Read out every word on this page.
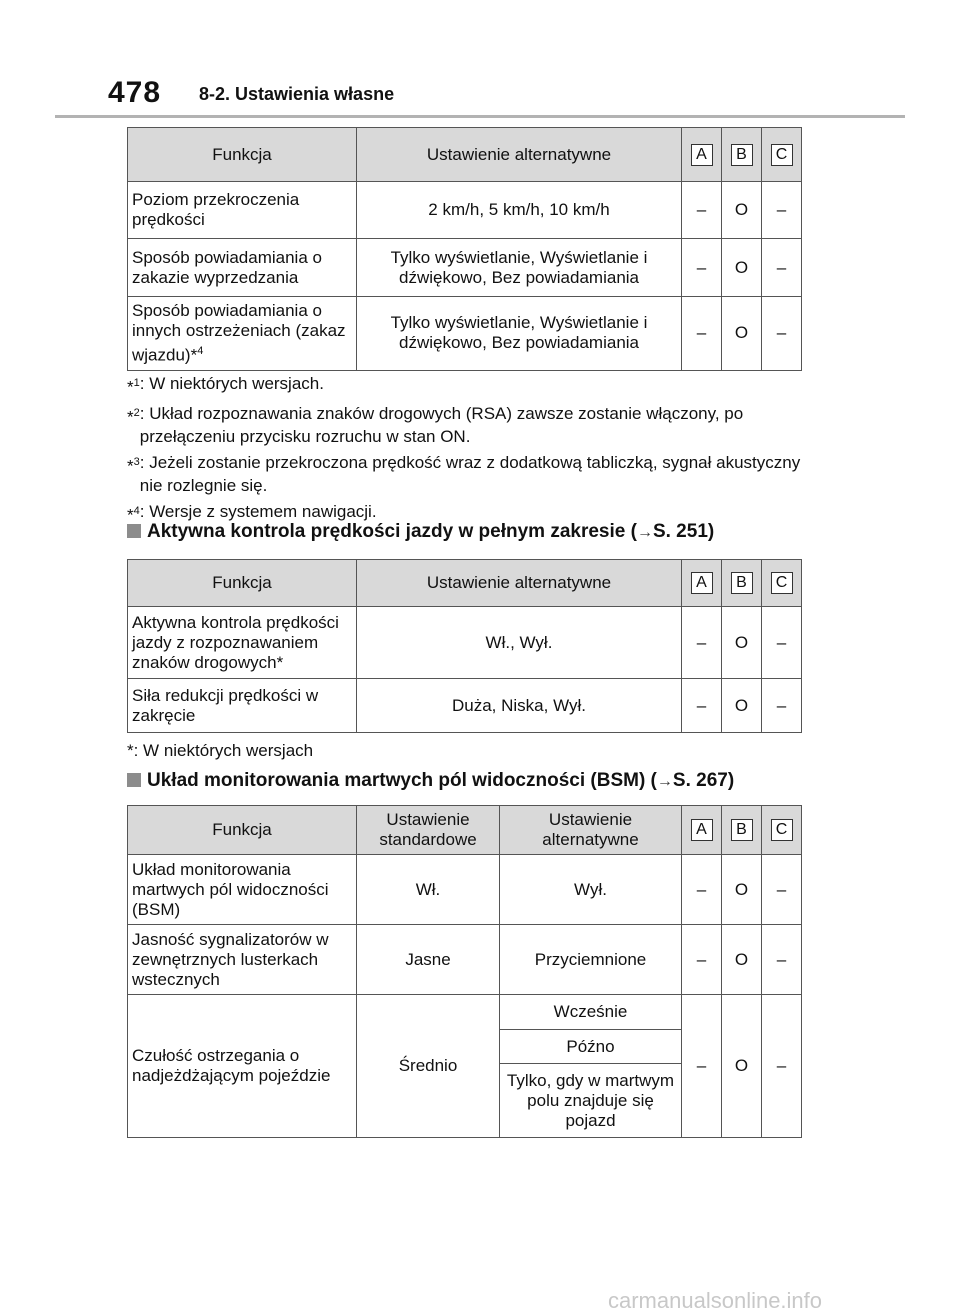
478 8-2. Ustawienia własne
Funkcja	Ustawienie alternatywne	A	B	C

Poziom przekroczenia prędkości	2 km/h, 5 km/h, 10 km/h	–	O	–
Sposób powiadamiania o zakazie wyprzedzania	Tylko wyświetlanie, Wyświetlanie i dźwiękowo, Bez powiadamiania	–	O	–
Sposób powiadamiania o innych ostrzeżeniach (zakaz wjazdu)*$^4$	Tylko wyświetlanie, Wyświetlanie i dźwiękowo, Bez powiadamiania	–	O	–
*$^1$ : W niektórych wersjach.
*$^2$ : Układ rozpoznawania znaków drogowych (RSA) zawsze zostanie włączony, po przełączeniu przycisku rozruchu w stan ON.
*$^3$ : Jeżeli zostanie przekroczona prędkość wraz z dodatkową tabliczką, sygnał akustyczny nie rozlegnie się.
*$^4$ : Wersje z systemem nawigacji.
Aktywna kontrola prędkości jazdy w pełnym zakresie (→S. 251)
Funkcja	Ustawienie alternatywne	A	B	C

Aktywna kontrola prędkości jazdy z rozpoznawaniem znaków drogowych*	Wł., Wył.	–	O	–
Siła redukcji prędkości w zakręcie	Duża, Niska, Wył.	–	O	–
*: W niektórych wersjach
Układ monitorowania martwych pól widoczności (BSM) (→S. 267)
Funkcja	Ustawienie standardowe	Ustawienie alternatywne	A	B	C

Układ monitorowania martwych pól widoczności (BSM)	Wł.	Wył.	–	O	–
Jasność sygnalizatorów w zewnętrznych lusterkach wstecznych	Jasne	Przyciemnione	–	O	–
Czułość ostrzegania o nadjeżdżającym pojeździe	Średnio	Wcześnie	–	O	–
		Późno			
		Tylko, gdy w martwym polu znajduje się pojazd			
carmanualsonline.info
